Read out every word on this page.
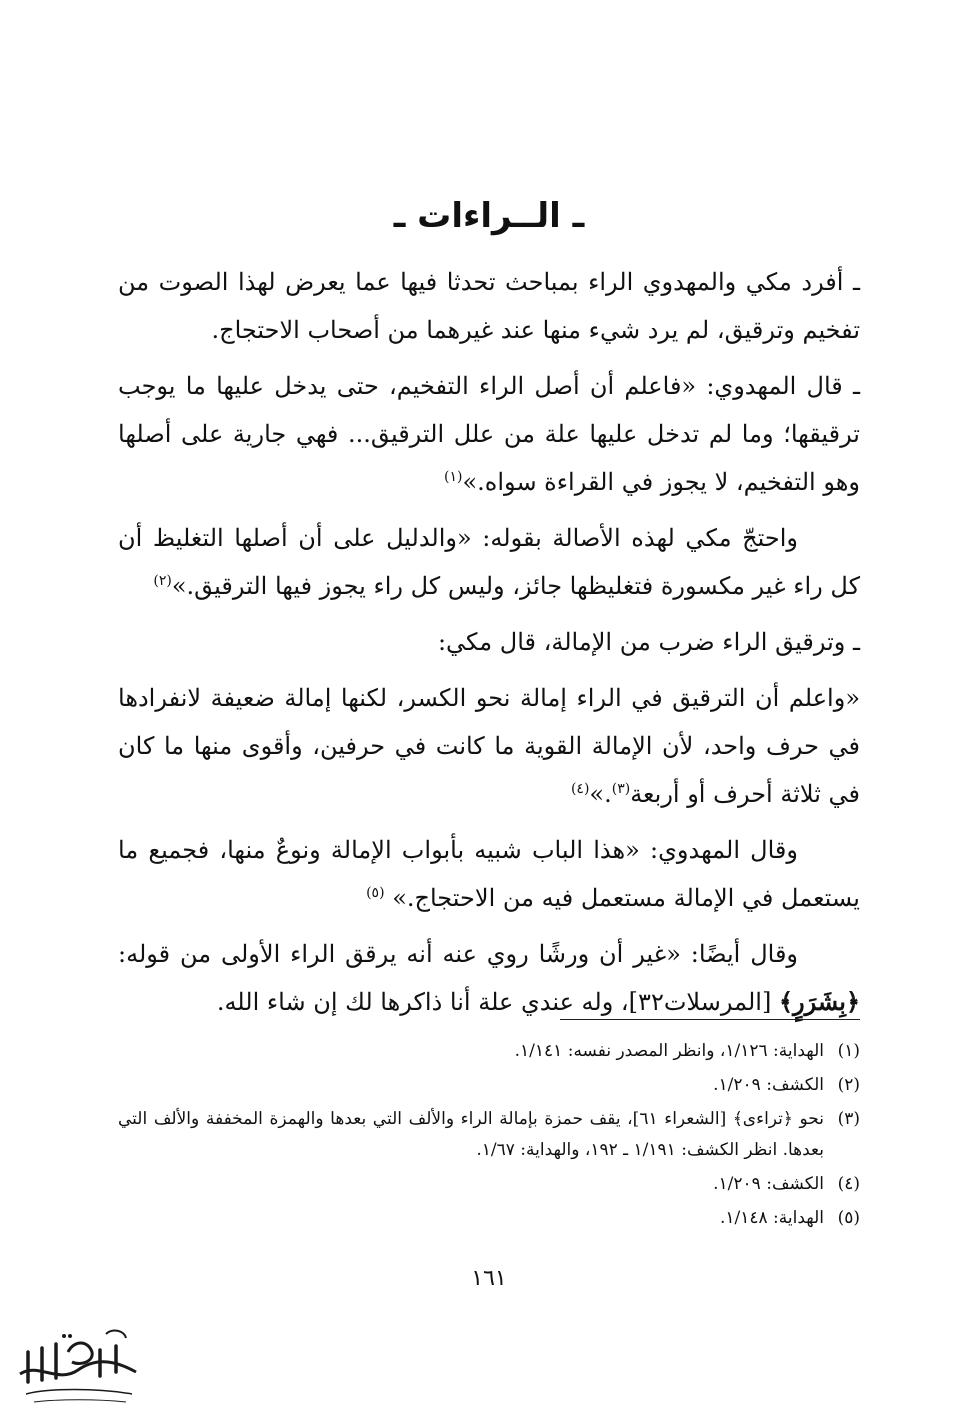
ـ الــراءات ـ

ـ أفرد مكي والمهدوي الراء بمباحث تحدثا فيها عما يعرض لهذا الصوت من تفخيم وترقيق، لم يرد شيء منها عند غيرهما من أصحاب الاحتجاج.

ـ قال المهدوي: «فاعلم أن أصل الراء التفخيم، حتى يدخل عليها ما يوجب ترقيقها؛ وما لم تدخل عليها علة من علل الترقيق... فهي جارية على أصلها وهو التفخيم، لا يجوز في القراءة سواه.»$^{(١)}$

واحتجّ مكي لهذه الأصالة بقوله: «والدليل على أن أصلها التغليظ أن كل راء غير مكسورة فتغليظها جائز، وليس كل راء يجوز فيها الترقيق.»$^{(٢)}$

ـ وترقيق الراء ضرب من الإمالة، قال مكي:

«واعلم أن الترقيق في الراء إمالة نحو الكسر، لكنها إمالة ضعيفة لانفرادها في حرف واحد، لأن الإمالة القوية ما كانت في حرفين، وأقوى منها ما كان في ثلاثة أحرف أو أربعة$^{(٣)}$.»$^{(٤)}$

وقال المهدوي: «هذا الباب شبيه بأبواب الإمالة ونوعٌ منها، فجميع ما يستعمل في الإمالة مستعمل فيه من الاحتجاج.» $^{(٥)}$

وقال أيضًا: «غير أن ورشًا روي عنه أنه يرقق الراء الأولى من قوله: ﴿بِشَرَرٍ﴾ [المرسلات٣٢]، وله عندي علة أنا ذاكرها لك إن شاء الله.

(١)
الهداية: ١/١٢٦، وانظر المصدر نفسه: ١/١٤١.
(٢)
الكشف: ١/٢٠٩.
(٣)
نحو ﴿تراءى﴾ [الشعراء ٦١]، يقف حمزة بإمالة الراء والألف التي بعدها والهمزة المخففة والألف التي بعدها. انظر الكشف: ١/١٩١ ـ ١٩٢، والهداية: ١/٦٧.
(٤)
الكشف: ١/٢٠٩.
(٥)
الهداية: ١/١٤٨.
١٦١
